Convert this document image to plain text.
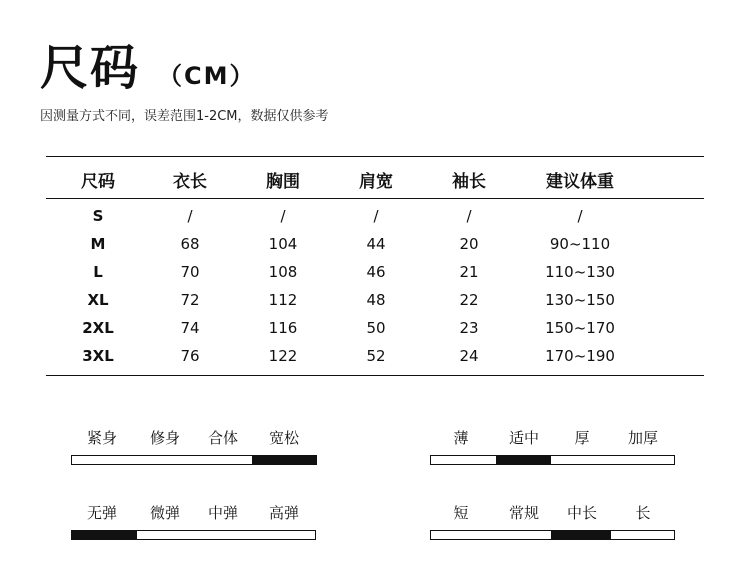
尺码 （CM）
因测量方式不同，误差范围1-2CM，数据仅供参考
尺码	衣长	胸围	肩宽	袖长	建议体重
S	/	/	/	/	/
M	68	104	44	20	90~110
L	70	108	46	21	110~130
XL	72	112	48	22	130~150
2XL	74	116	50	23	150~170
3XL	76	122	52	24	170~190
紧身 修身 合体 宽松	薄	适中 厚	加厚
无弹 微弹 中弹 高弹	短	常规 中长	长
